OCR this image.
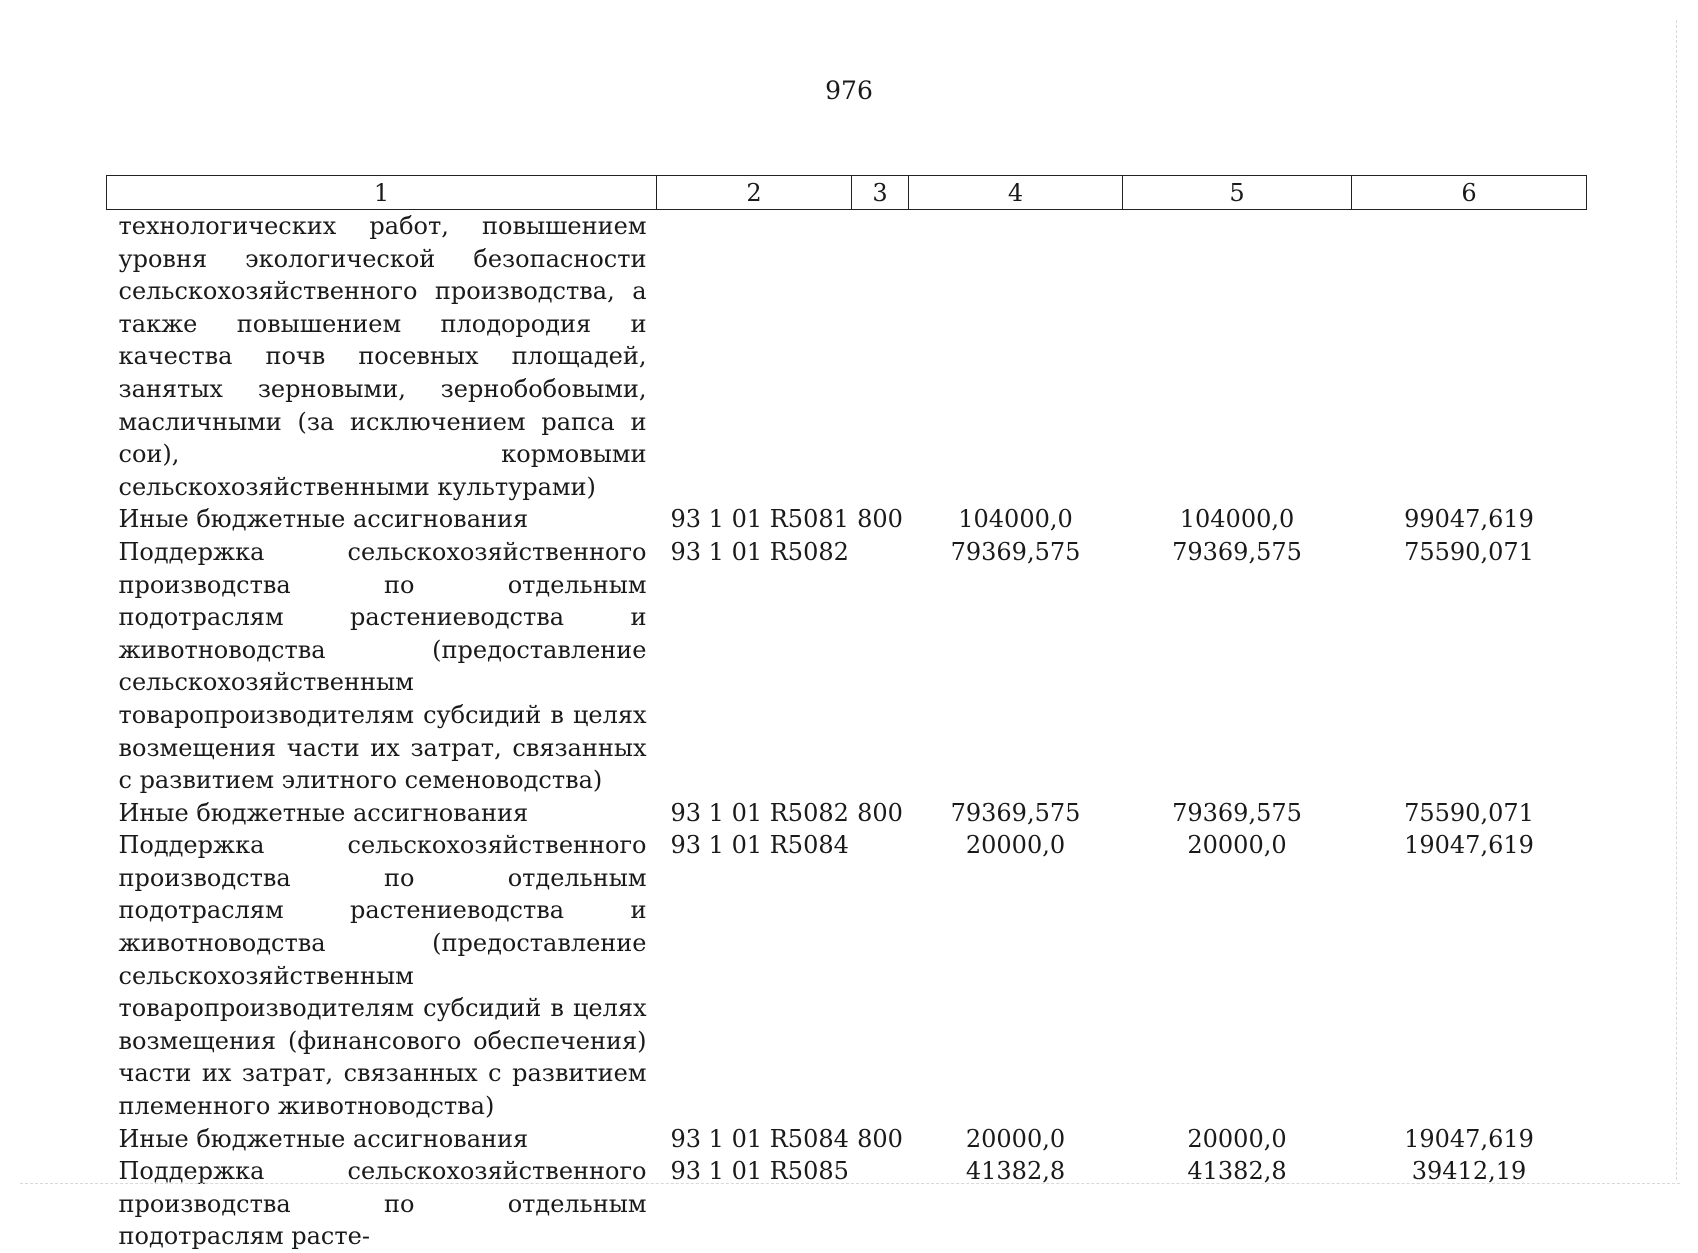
976
1	2	3	4	5	6
технологических работ, повышением уровня экологической безопасности сельскохозяйственного производства, а также повышением плодородия и качества почв посевных площадей, занятых зерновыми, зернобобовыми, масличными (за исключением рапса и сои), кормовыми сельскохозяйственными культурами)					
Иные бюджетные ассигнования	93 1 01 R5081	800	104000,0	104000,0	99047,619
Поддержка сельскохозяйственного производства по отдельным подотраслям растениеводства и животноводства (предоставление сельскохозяйственным товаропроизводителям субсидий в целях возмещения части их затрат, связанных с развитием элитного семеноводства)	93 1 01 R5082		79369,575	79369,575	75590,071
Иные бюджетные ассигнования	93 1 01 R5082	800	79369,575	79369,575	75590,071
Поддержка сельскохозяйственного производства по отдельным подотраслям растениеводства и животноводства (предоставление сельскохозяйственным товаропроизводителям субсидий в целях возмещения (финансового обеспечения) части их затрат, связанных с развитием племенного животноводства)	93 1 01 R5084		20000,0	20000,0	19047,619
Иные бюджетные ассигнования	93 1 01 R5084	800	20000,0	20000,0	19047,619
Поддержка сельскохозяйственного производства по отдельным подотраслям расте-	93 1 01 R5085		41382,8	41382,8	39412,19
